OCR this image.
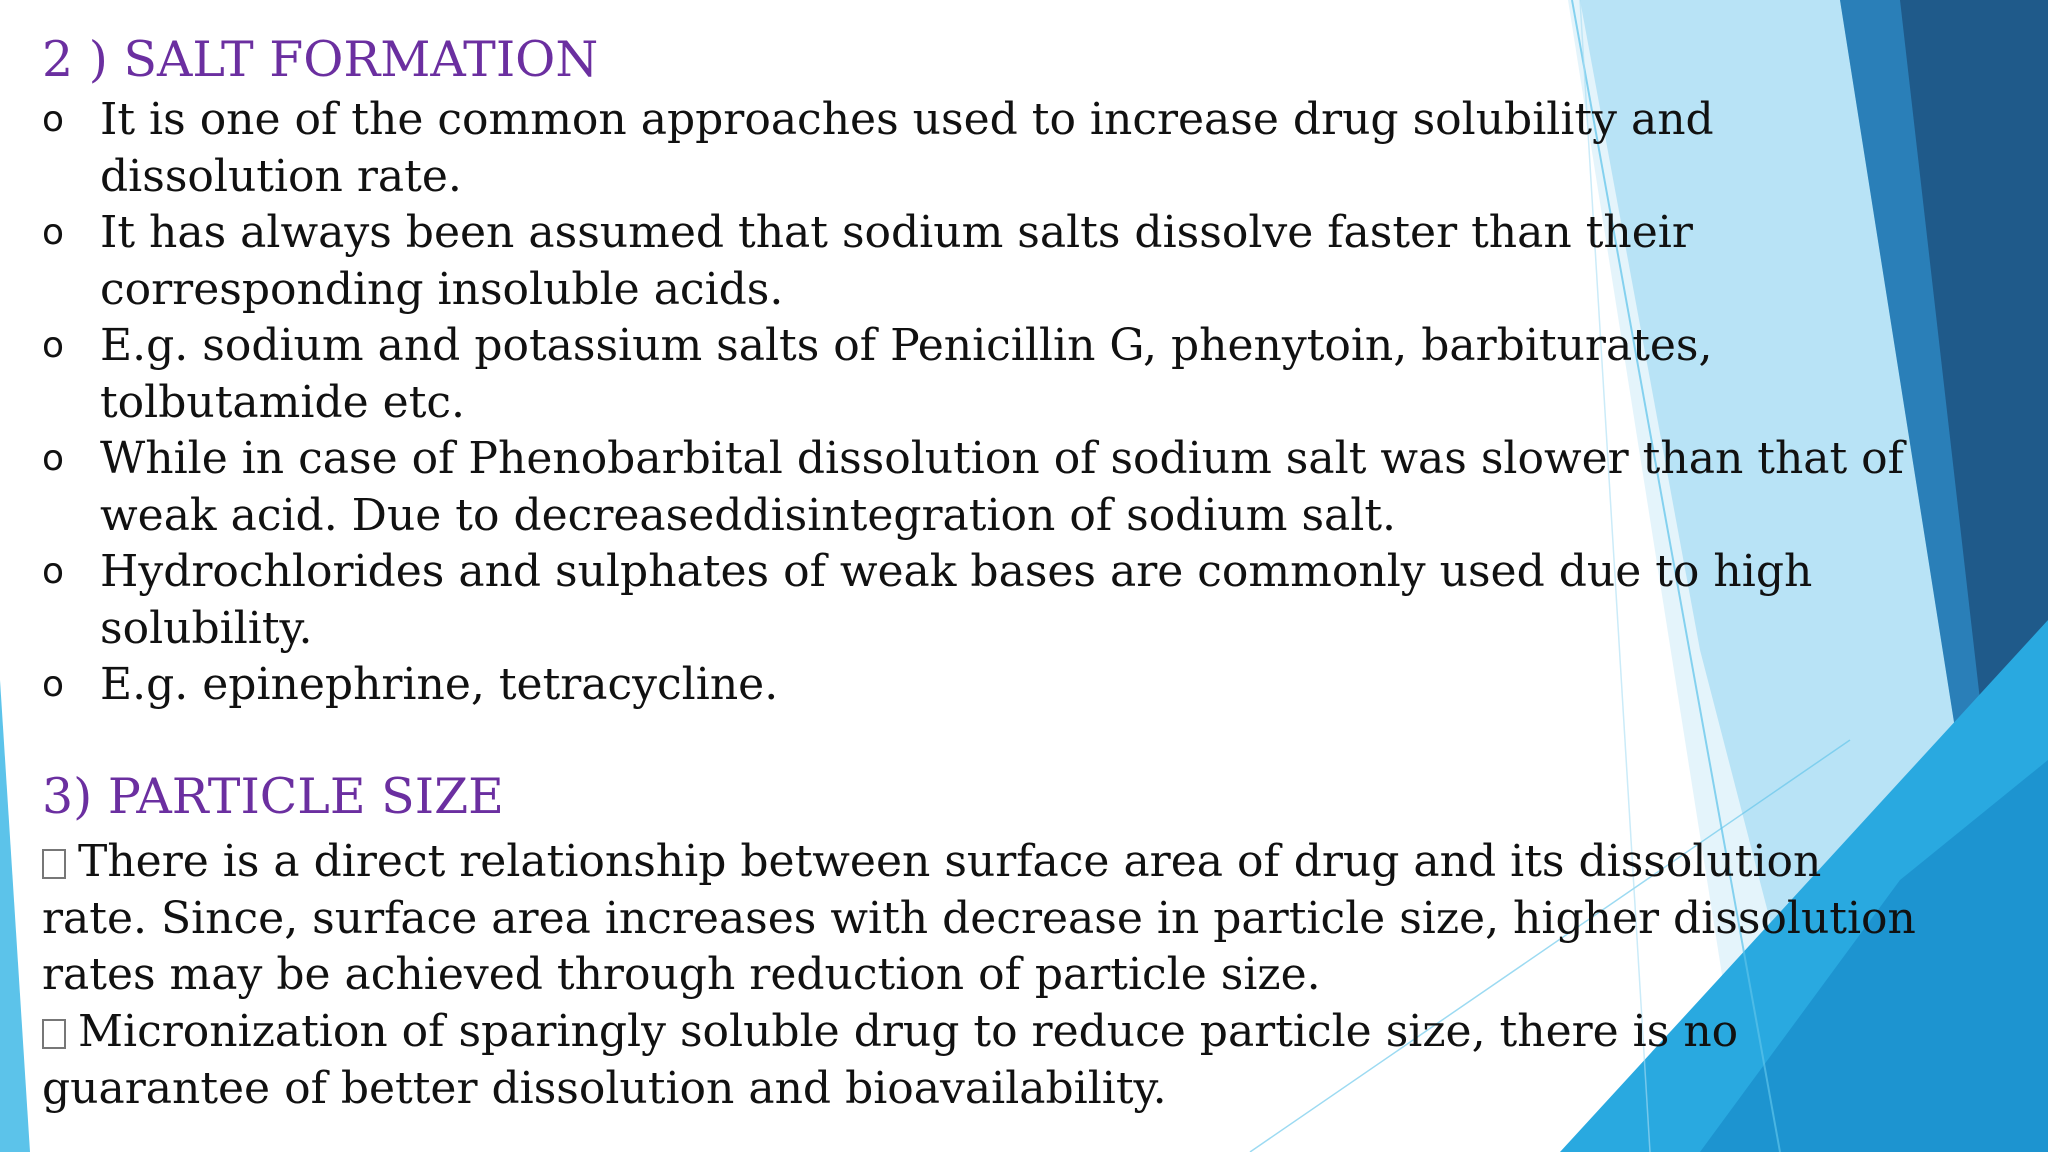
2 ) SALT FORMATION
o It is one of the common approaches used to increase drug solubility and
dissolution rate.
o It has always been assumed that sodium salts dissolve faster than their
corresponding insoluble acids.
o E.g. sodium and potassium salts of Penicillin G, phenytoin, barbiturates,
tolbutamide etc.
o While in case of Phenobarbital dissolution of sodium salt was slower than that of
weak acid. Due to decreaseddisintegration of sodium salt.
o Hydrochlorides and sulphates of weak bases are commonly used due to high
solubility.
o E.g. epinephrine, tetracycline.
3) PARTICLE SIZE
There is a direct relationship between surface area of drug and its dissolution
rate. Since, surface area increases with decrease in particle size, higher dissolution
rates may be achieved through reduction of particle size.
Micronization of sparingly soluble drug to reduce particle size, there is no
guarantee of better dissolution and bioavailability.
